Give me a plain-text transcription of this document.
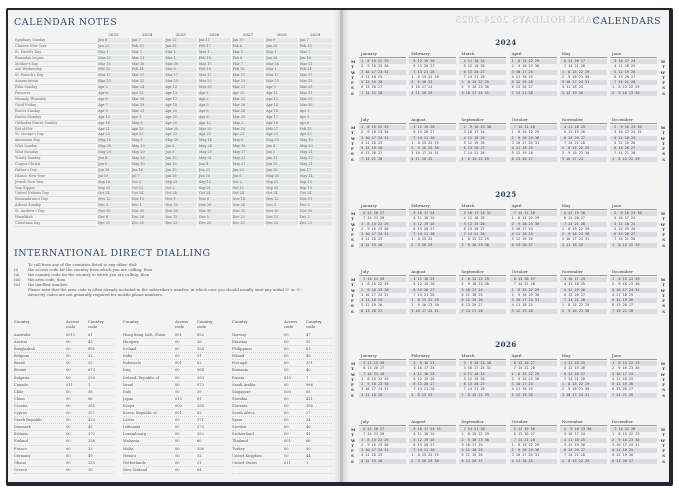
CALENDAR NOTES
	2023	2024	2025	2026	2027	2028	2029
Epiphany Sunday	Jan 8	Jan 7	Jan 12	Jan 11	Jan 10	Jan 9	Jan 7
Chinese New Year	Jan 22	Feb 10	Jan 29	Feb 17	Feb 6	Jan 26	Feb 13
St. David's Day	Mar 1	Mar 1	Mar 1	Mar 1	Mar 1	Mar 1	Mar 1
Ramadan begins	Mar 23	Mar 11	Mar 1	Feb 18	Feb 8	Jan 28	Jan 16
Mother's Day	Mar 19	Mar 10	Mar 30	Mar 15	Mar 7	Mar 26	Mar 11
Ash Wednesday	Feb 22	Feb 14	Mar 5	Feb 18	Feb 10	Mar 1	Feb 14
St. Patrick's Day	Mar 17	Mar 17	Mar 17	Mar 17	Mar 17	Mar 17	Mar 17
Annunciation	Mar 25	Mar 25	Mar 25	Mar 25	Mar 25	Mar 25	Mar 25
Palm Sunday	Apr 2	Mar 24	Apr 13	Mar 29	Mar 21	Apr 9	Mar 25
Passover	Apr 6	Apr 23	Apr 13	Apr 2	Apr 22	Apr 11	Mar 31
Maundy Thursday	Apr 6	Mar 28	Apr 17	Apr 2	Mar 25	Apr 13	Mar 29
Good Friday	Apr 7	Mar 29	Apr 18	Apr 3	Mar 26	Apr 14	Mar 30
Easter Sunday	Apr 9	Mar 31	Apr 20	Apr 5	Mar 28	Apr 16	Apr 1
Easter Monday	Apr 10	Apr 1	Apr 21	Apr 6	Mar 29	Apr 17	Apr 2
Orthodox Easter Sunday	Apr 16	May 5	Apr 20	Apr 12	May 2	Apr 16	Apr 8
Eid al-Fitr	Apr 21	Apr 10	Mar 30	Mar 20	Mar 10	Feb 27	Feb 15
St. George's Day	Apr 23	Apr 23	Apr 23	Apr 23	Apr 23	Apr 23	Apr 23
Ascension Day	May 18	May 9	May 29	May 14	May 6	May 25	May 10
Whit Sunday	May 28	May 19	Jun 8	May 24	May 16	Jun 4	May 20
Whit Monday	May 29	May 20	Jun 9	May 25	May 17	Jun 5	May 21
Trinity Sunday	Jun 4	May 26	Jun 15	May 31	May 23	Jun 11	May 27
Corpus Christi	Jun 8	May 30	Jun 19	Jun 4	May 27	Jun 15	May 31
Father's Day	Jun 18	Jun 16	Jun 15	Jun 21	Jun 20	Jun 18	Jun 17
Islamic New Year	Jul 19	Jul 7	Jun 26	Jun 16	Jun 6	May 25	May 14
Jewish New Year	Sep 16	Oct 3	Sep 23	Sep 12	Oct 2	Sep 21	Sep 10
Yom Kippur	Sep 25	Oct 12	Oct 2	Sep 21	Oct 11	Sep 30	Sep 19
United Nations Day	Oct 24	Oct 24	Oct 24	Oct 24	Oct 24	Oct 24	Oct 24
Remembrance Day	Nov 12	Nov 10	Nov 9	Nov 8	Nov 14	Nov 12	Nov 11
Advent Sunday	Dec 3	Dec 1	Nov 30	Nov 29	Nov 28	Dec 3	Dec 2
St. Andrew's Day	Nov 30	Nov 30	Nov 30	Nov 30	Nov 30	Nov 30	Nov 30
Hanukkah	Dec 8	Dec 26	Dec 15	Dec 5	Dec 25	Dec 13	Dec 2
Christmas Day	Dec 25	Dec 25	Dec 25	Dec 25	Dec 25	Dec 25	Dec 25
INTERNATIONAL DIRECT DIALLING
To call from any of the countries listed to any other, dial:
(i)	the access code for the country from which you are calling, then
(ii)	the country code for the country to which you are calling, then
(iii)	the area code, then
(iv)	the landline number.
Please note that the area code is often already included in the subscriber's number, in which case you should usually omit any initial '0' or '9'.
Area/city codes are not generally required for mobile phone numbers.
Country	Access code
Country code
Australia	0011	61
Austria	00	43
Bangladesh	00	880
Belgium	00	32
Brazil	00	55
Brunei	00	673
Bulgaria	00	359
Canada	011	1
Chile	00	56
China	00	86
Croatia	00	385
Cyprus	00	357
Czech Republic	00	420
Denmark	00	45
Estonia	00	372
Finland	00	358
France	00	33
Germany	00	49
Ghana	00	233
Greece	00	30
Country	Access code
Country code
Hong Kong SAR, China	001	852
Hungary	00	36
Iceland	00	354
India	00	91
Indonesia	001	62
Iraq	00	964
Ireland, Republic of	00	353
Israel	00	972
Italy	00	39
Japan	010	81
Kenya	000	254
Korea, Republic of	001	82
Latvia	00	371
Lithuania	00	370
Luxembourg	00	352
Malaysia	00	60
Malta	00	356
Mexico	00	52
Netherlands	00	31
New Zealand	00	64
Country	Access code
Country code
Norway	00	47
Pakistan	00	92
Philippines	00	63
Poland	00	48
Portugal	00	351
Romania	00	40
Russia	810	7
Saudi Arabia	00	966
Singapore	000	65
Slovakia	00	421
Slovenia	00	386
South Africa	00	27
Spain	00	34
Sweden	00	46
Switzerland	00	41
Thailand	001	66
Turkey	00	90
United Kingdom	00	44
United States	011	1
BANK HOLIDAYS 2024-2025
CALENDARS
2024
M
T
W
T
F
S
S
M
T
W
T
F
S
S
January
1  8 15 22 29
2  9 16 23 30
3 10 17 24 31
4 11 18 25
5 12 19 26
6 13 20 27
7 14 21 28
February
5 12 19 26
6 13 20 27
7 14 21 28
1  8 15 22 29
2  9 16 23
3 10 17 24
4 11 18 25
March
4 11 18 25
5 12 19 26
6 13 20 27
7 14 21 28
1  8 15 22 29
2  9 16 23 30
3 10 17 24 31
April
1  8 15 22 29
2  9 16 23 30
3 10 17 24
4 11 18 25
5 12 19 26
6 13 20 27
7 14 21 28
May
6 13 20 27
7 14 21 28
1  8 15 22 29
2  9 16 23 30
3 10 17 24 31
4 11 18 25
5 12 19 26
June
3 10 17 24
4 11 18 25
5 12 19 26
6 13 20 27
7 14 21 28
1  8 15 22 29
2  9 16 23 30
M
T
W
T
F
S
S
M
T
W
T
F
S
S
July
1  8 15 22 29
2  9 16 23 30
3 10 17 24 31
4 11 18 25
5 12 19 26
6 13 20 27
7 14 21 28
August
5 12 19 26
6 13 20 27
7 14 21 28
1  8 15 22 29
2  9 16 23 30
3 10 17 24 31
4 11 18 25
September
2  9 16 23 30
3 10 17 24
4 11 18 25
5 12 19 26
6 13 20 27
7 14 21 28
1  8 15 22 29
October
7 14 21 28
1  8 15 22 29
2  9 16 23 30
3 10 17 24 31
4 11 18 25
5 12 19 26
6 13 20 27
November
4 11 18 25
5 12 19 26
6 13 20 27
7 14 21 28
1  8 15 22 29
2  9 16 23 30
3 10 17 24
December
2  9 16 23 30
3 10 17 24 31
4 11 18 25
5 12 19 26
6 13 20 27
7 14 21 28
1  8 15 22 29
2025
M
T
W
T
F
S
S
M
T
W
T
F
S
S
January
6 13 20 27
7 14 21 28
1  8 15 22 29
2  9 16 23 30
3 10 17 24 31
4 11 18 25
5 12 19 26
February
3 10 17 24
4 11 18 25
5 12 19 26
6 13 20 27
7 14 21 28
1  8 15 22
2  9 16 23
March
3 10 17 24 31
4 11 18 25
5 12 19 26
6 13 20 27
7 14 21 28
1  8 15 22 29
2  9 16 23 30
April
7 14 21 28
1  8 15 22 29
2  9 16 23 30
3 10 17 24
4 11 18 25
5 12 19 26
6 13 20 27
May
5 12 19 26
6 13 20 27
7 14 21 28
1  8 15 22 29
2  9 16 23 30
3 10 17 24 31
4 11 18 25
June
2  9 16 23 30
3 10 17 24
4 11 18 25
5 12 19 26
6 13 20 27
7 14 21 28
1  8 15 22 29
M
T
W
T
F
S
S
M
T
W
T
F
S
S
July
7 14 21 28
1  8 15 22 29
2  9 16 23 30
3 10 17 24 31
4 11 18 25
5 12 19 26
6 13 20 27
August
4 11 18 25
5 12 19 26
6 13 20 27
7 14 21 28
1  8 15 22 29
2  9 16 23 30
3 10 17 24 31
September
1  8 15 22 29
2  9 16 23 30
3 10 17 24
4 11 18 25
5 12 19 26
6 13 20 27
7 14 21 28
October
6 13 20 27
7 14 21 28
1  8 15 22 29
2  9 16 23 30
3 10 17 24 31
4 11 18 25
5 12 19 26
November
3 10 17 24
4 11 18 25
5 12 19 26
6 13 20 27
7 14 21 28
1  8 15 22 29
2  9 16 23 30
December
1  8 15 22 29
2  9 16 23 30
3 10 17 24 31
4 11 18 25
5 12 19 26
6 13 20 27
7 14 21 28
2026
M
T
W
T
F
S
S
M
T
W
T
F
S
S
January
5 12 19 26
6 13 20 27
7 14 21 28
1  8 15 22 29
2  9 16 23 30
3 10 17 24 31
4 11 18 25
February
2  9 16 23
3 10 17 24
4 11 18 25
5 12 19 26
6 13 20 27
7 14 21 28
1  8 15 22
March
2  9 16 23 30
3 10 17 24 31
4 11 18 25
5 12 19 26
6 13 20 27
7 14 21 28
1  8 15 22 29
April
6 13 20 27
7 14 21 28
1  8 15 22 29
2  9 16 23 30
3 10 17 24
4 11 18 25
5 12 19 26
May
4 11 18 25
5 12 19 26
6 13 20 27
7 14 21 28
1  8 15 22 29
2  9 16 23 30
3 10 17 24 31
June
1  8 15 22 29
2  9 16 23 30
3 10 17 24
4 11 18 25
5 12 19 26
6 13 20 27
7 14 21 28
M
T
W
T
F
S
S
M
T
W
T
F
S
S
July
6 13 20 27
7 14 21 28
1  8 15 22 29
2  9 16 23 30
3 10 17 24 31
4 11 18 25
5 12 19 26
August
3 10 17 24 31
4 11 18 25
5 12 19 26
6 13 20 27
7 14 21 28
1  8 15 22 29
2  9 16 23 30
September
7 14 21 28
1  8 15 22 29
2  9 16 23 30
3 10 17 24
4 11 18 25
5 12 19 26
6 13 20 27
October
5 12 19 26
6 13 20 27
7 14 21 28
1  8 15 22 29
2  9 16 23 30
3 10 17 24 31
4 11 18 25
November
2  9 16 23 30
3 10 17 24
4 11 18 25
5 12 19 26
6 13 20 27
7 14 21 28
1  8 15 22 29
December
7 14 21 28
1  8 15 22 29
2  9 16 23 30
3 10 17 24 31
4 11 18 25
5 12 19 26
6 13 20 27
